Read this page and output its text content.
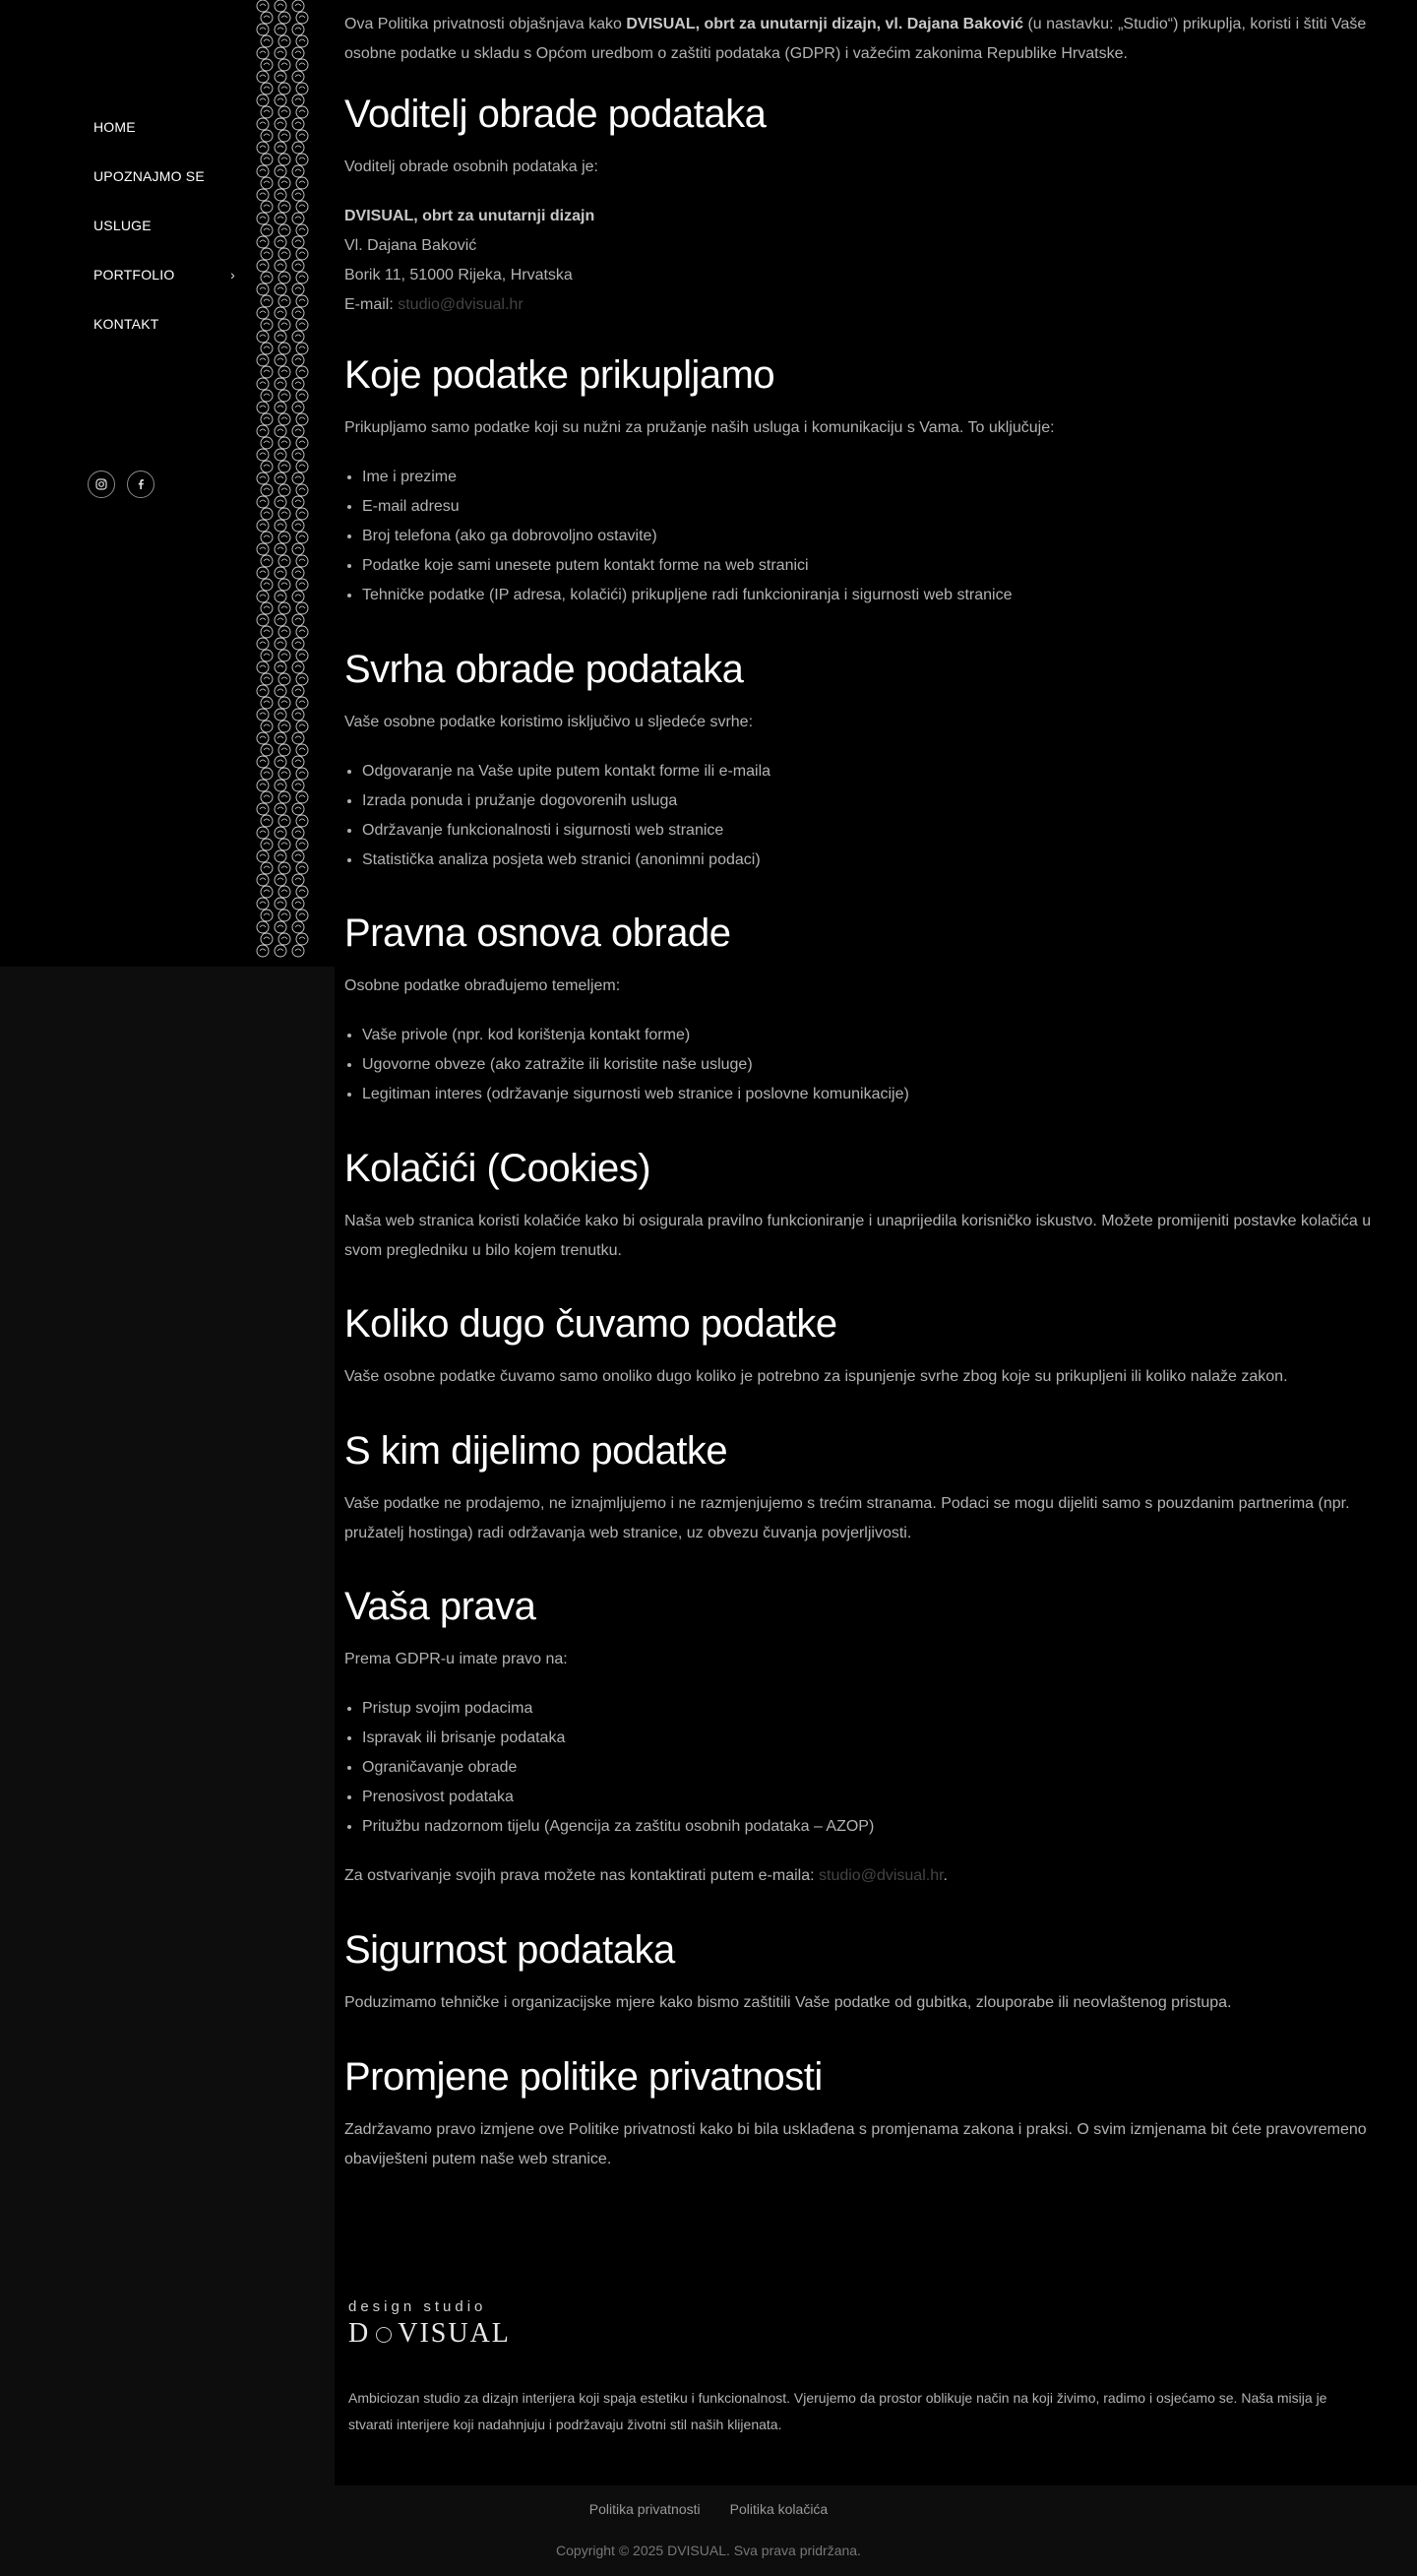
HOME
UPOZNAJMO SE
USLUGE
PORTFOLIO	›
KONTAKT

Ova Politika privatnosti objašnjava kako DVISUAL, obrt za unutarnji dizajn, vl. Dajana Baković (u nastavku: „Studio“) prikuplja, koristi i štiti Vaše osobne podatke u skladu s Općom uredbom o zaštiti podataka (GDPR) i važećim zakonima Republike Hrvatske.

Voditelj obrade podataka

Voditelj obrade osobnih podataka je:

DVISUAL, obrt za unutarnji dizajn
Vl. Dajana Baković
Borik 11, 51000 Rijeka, Hrvatska
E-mail: studio@dvisual.hr

Koje podatke prikupljamo

Prikupljamo samo podatke koji su nužni za pružanje naših usluga i komunikaciju s Vama. To uključuje:

• Ime i prezime
• E-mail adresu
• Broj telefona (ako ga dobrovoljno ostavite)
• Podatke koje sami unesete putem kontakt forme na web stranici
• Tehničke podatke (IP adresa, kolačići) prikupljene radi funkcioniranja i sigurnosti web stranice
Svrha obrade podataka

Vaše osobne podatke koristimo isključivo u sljedeće svrhe:

• Odgovaranje na Vaše upite putem kontakt forme ili e-maila
• Izrada ponuda i pružanje dogovorenih usluga
• Održavanje funkcionalnosti i sigurnosti web stranice
• Statistička analiza posjeta web stranici (anonimni podaci)
Pravna osnova obrade

Osobne podatke obrađujemo temeljem:

• Vaše privole (npr. kod korištenja kontakt forme)
• Ugovorne obveze (ako zatražite ili koristite naše usluge)
• Legitiman interes (održavanje sigurnosti web stranice i poslovne komunikacije)
Kolačići (Cookies)

Naša web stranica koristi kolačiće kako bi osigurala pravilno funkcioniranje i unaprijedila korisničko iskustvo. Možete promijeniti postavke kolačića u svom pregledniku u bilo kojem trenutku.

Koliko dugo čuvamo podatke

Vaše osobne podatke čuvamo samo onoliko dugo koliko je potrebno za ispunjenje svrhe zbog koje su prikupljeni ili koliko nalaže zakon.

S kim dijelimo podatke

Vaše podatke ne prodajemo, ne iznajmljujemo i ne razmjenjujemo s trećim stranama. Podaci se mogu dijeliti samo s pouzdanim partnerima (npr. pružatelj hostinga) radi održavanja web stranice, uz obvezu čuvanja povjerljivosti.

Vaša prava

Prema GDPR-u imate pravo na:

• Pristup svojim podacima
• Ispravak ili brisanje podataka
• Ograničavanje obrade
• Prenosivost podataka
• Pritužbu nadzornom tijelu (Agencija za zaštitu osobnih podataka – AZOP)

Za ostvarivanje svojih prava možete nas kontaktirati putem e-maila: studio@dvisual.hr.

Sigurnost podataka

Poduzimamo tehničke i organizacijske mjere kako bismo zaštitili Vaše podatke od gubitka, zlouporabe ili neovlaštenog pristupa.

Promjene politike privatnosti

Zadržavamo pravo izmjene ove Politike privatnosti kako bi bila usklađena s promjenama zakona i praksi. O svim izmjenama bit ćete pravovremeno obaviješteni putem naše web stranice.

design studio
D VISUAL

Ambiciozan studio za dizajn interijera koji spaja estetiku i funkcionalnost. Vjerujemo da prostor oblikuje način na koji živimo, radimo i osjećamo se. Naša misija je stvarati interijere koji nadahnjuju i podržavaju životni stil naših klijenata.

Politika privatnosti Politika kolačića
Copyright © 2025 DVISUAL. Sva prava pridržana.
